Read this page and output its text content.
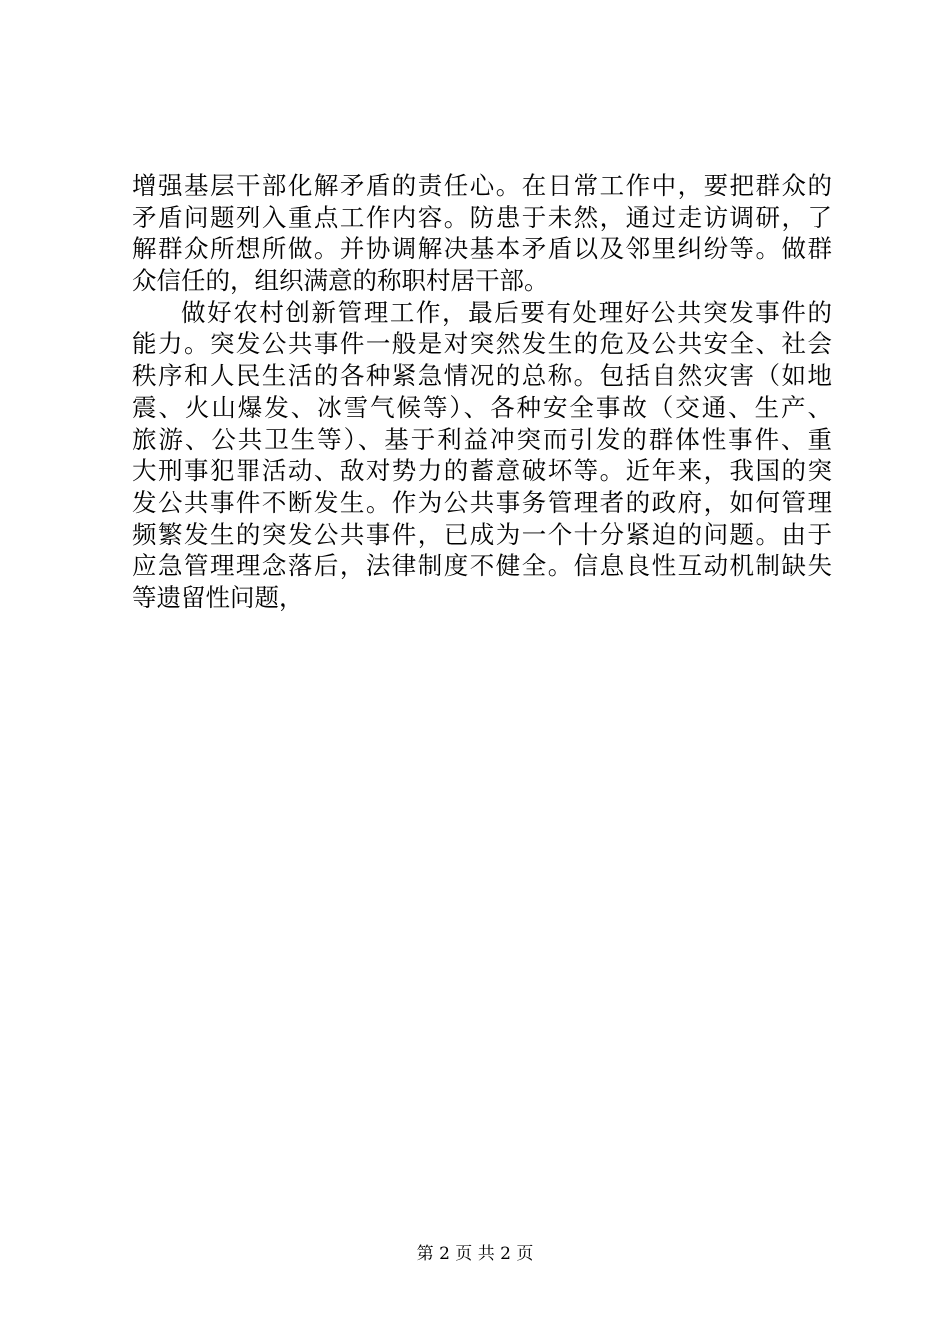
增强基层干部化解矛盾的责任心。在日常工作中，要把群众的
矛盾问题列入重点工作内容。防患于未然，通过走访调研，了
解群众所想所做。并协调解决基本矛盾以及邻里纠纷等。做群
众信任的，组织满意的称职村居干部。
做好农村创新管理工作，最后要有处理好公共突发事件的
能力。突发公共事件一般是对突然发生的危及公共安全、社会
秩序和人民生活的各种紧急情况的总称。包括自然灾害（如地
震、火山爆发、冰雪气候等）、各种安全事故（交通、生产、
旅游、公共卫生等）、基于利益冲突而引发的群体性事件、重
大刑事犯罪活动、敌对势力的蓄意破坏等。近年来，我国的突
发公共事件不断发生。作为公共事务管理者的政府，如何管理
频繁发生的突发公共事件，已成为一个十分紧迫的问题。由于
应急管理理念落后，法律制度不健全。信息良性互动机制缺失
等遗留性问题，
第 2 页 共 2 页
